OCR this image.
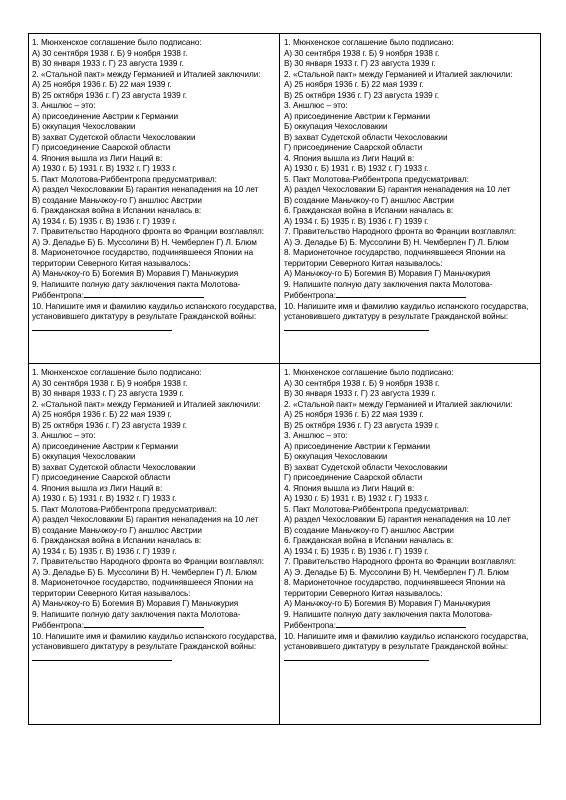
1. Мюнхенское соглашение было подписано:

А) 30 сентября 1938 г. Б) 9 ноября 1938 г.

В) 30 января 1933 г. Г) 23 августа 1939 г.

2. «Стальной пакт» между Германией и Италией заключили:

А) 25 ноября 1936 г. Б) 22 мая 1939 г.

В) 25 октября 1936 г. Г) 23 августа 1939 г.

3. Аншлюс – это:

А) присоединение Австрии к Германии

Б) оккупация Чехословакии

В) захват Судетской области Чехословакии

Г) присоединение Саарской области

4. Япония вышла из Лиги Наций в:

А) 1930 г. Б) 1931 г. В) 1932 г. Г) 1933 г.

5. Пакт Молотова-Риббентропа предусматривал:

А) раздел Чехословакии Б) гарантия ненападения на 10 лет

В) создание Маньчжоу-го Г) аншлюс Австрии

6. Гражданская война в Испании началась в:

А) 1934 г. Б) 1935 г. В) 1936 г. Г) 1939 г.

7. Правительство Народного фронта во Франции возглавлял:

А) Э. Деладье Б) Б. Муссолини В) Н. Чемберлен Г) Л. Блюм

8. Марионеточное государство, подчинявшееся Японии на территории Северного Китая называлось:

А) Маньчжоу-го Б) Богемия В) Моравия Г) Маньчжурия

9. Напишите полную дату заключения пакта Молотова-Риббентропа:

10. Напишите имя и фамилию каудильо испанского государства, установившего диктатуру в результате Гражданской войны:

1. Мюнхенское соглашение было подписано:

А) 30 сентября 1938 г. Б) 9 ноября 1938 г.

В) 30 января 1933 г. Г) 23 августа 1939 г.

2. «Стальной пакт» между Германией и Италией заключили:

А) 25 ноября 1936 г. Б) 22 мая 1939 г.

В) 25 октября 1936 г. Г) 23 августа 1939 г.

3. Аншлюс – это:

А) присоединение Австрии к Германии

Б) оккупация Чехословакии

В) захват Судетской области Чехословакии

Г) присоединение Саарской области

4. Япония вышла из Лиги Наций в:

А) 1930 г. Б) 1931 г. В) 1932 г. Г) 1933 г.

5. Пакт Молотова-Риббентропа предусматривал:

А) раздел Чехословакии Б) гарантия ненападения на 10 лет

В) создание Маньчжоу-го Г) аншлюс Австрии

6. Гражданская война в Испании началась в:

А) 1934 г. Б) 1935 г. В) 1936 г. Г) 1939 г.

7. Правительство Народного фронта во Франции возглавлял:

А) Э. Деладье Б) Б. Муссолини В) Н. Чемберлен Г) Л. Блюм

8. Марионеточное государство, подчинявшееся Японии на территории Северного Китая называлось:

А) Маньчжоу-го Б) Богемия В) Моравия Г) Маньчжурия

9. Напишите полную дату заключения пакта Молотова-Риббентропа:

10. Напишите имя и фамилию каудильо испанского государства, установившего диктатуру в результате Гражданской войны:

1. Мюнхенское соглашение было подписано:

А) 30 сентября 1938 г. Б) 9 ноября 1938 г.

В) 30 января 1933 г. Г) 23 августа 1939 г.

2. «Стальной пакт» между Германией и Италией заключили:

А) 25 ноября 1936 г. Б) 22 мая 1939 г.

В) 25 октября 1936 г. Г) 23 августа 1939 г.

3. Аншлюс – это:

А) присоединение Австрии к Германии

Б) оккупация Чехословакии

В) захват Судетской области Чехословакии

Г) присоединение Саарской области

4. Япония вышла из Лиги Наций в:

А) 1930 г. Б) 1931 г. В) 1932 г. Г) 1933 г.

5. Пакт Молотова-Риббентропа предусматривал:

А) раздел Чехословакии Б) гарантия ненападения на 10 лет

В) создание Маньчжоу-го Г) аншлюс Австрии

6. Гражданская война в Испании началась в:

А) 1934 г. Б) 1935 г. В) 1936 г. Г) 1939 г.

7. Правительство Народного фронта во Франции возглавлял:

А) Э. Деладье Б) Б. Муссолини В) Н. Чемберлен Г) Л. Блюм

8. Марионеточное государство, подчинявшееся Японии на территории Северного Китая называлось:

А) Маньчжоу-го Б) Богемия В) Моравия Г) Маньчжурия

9. Напишите полную дату заключения пакта Молотова-Риббентропа:

10. Напишите имя и фамилию каудильо испанского государства, установившего диктатуру в результате Гражданской войны:

1. Мюнхенское соглашение было подписано:

А) 30 сентября 1938 г. Б) 9 ноября 1938 г.

В) 30 января 1933 г. Г) 23 августа 1939 г.

2. «Стальной пакт» между Германией и Италией заключили:

А) 25 ноября 1936 г. Б) 22 мая 1939 г.

В) 25 октября 1936 г. Г) 23 августа 1939 г.

3. Аншлюс – это:

А) присоединение Австрии к Германии

Б) оккупация Чехословакии

В) захват Судетской области Чехословакии

Г) присоединение Саарской области

4. Япония вышла из Лиги Наций в:

А) 1930 г. Б) 1931 г. В) 1932 г. Г) 1933 г.

5. Пакт Молотова-Риббентропа предусматривал:

А) раздел Чехословакии Б) гарантия ненападения на 10 лет

В) создание Маньчжоу-го Г) аншлюс Австрии

6. Гражданская война в Испании началась в:

А) 1934 г. Б) 1935 г. В) 1936 г. Г) 1939 г.

7. Правительство Народного фронта во Франции возглавлял:

А) Э. Деладье Б) Б. Муссолини В) Н. Чемберлен Г) Л. Блюм

8. Марионеточное государство, подчинявшееся Японии на территории Северного Китая называлось:

А) Маньчжоу-го Б) Богемия В) Моравия Г) Маньчжурия

9. Напишите полную дату заключения пакта Молотова-Риббентропа:

10. Напишите имя и фамилию каудильо испанского государства, установившего диктатуру в результате Гражданской войны:
